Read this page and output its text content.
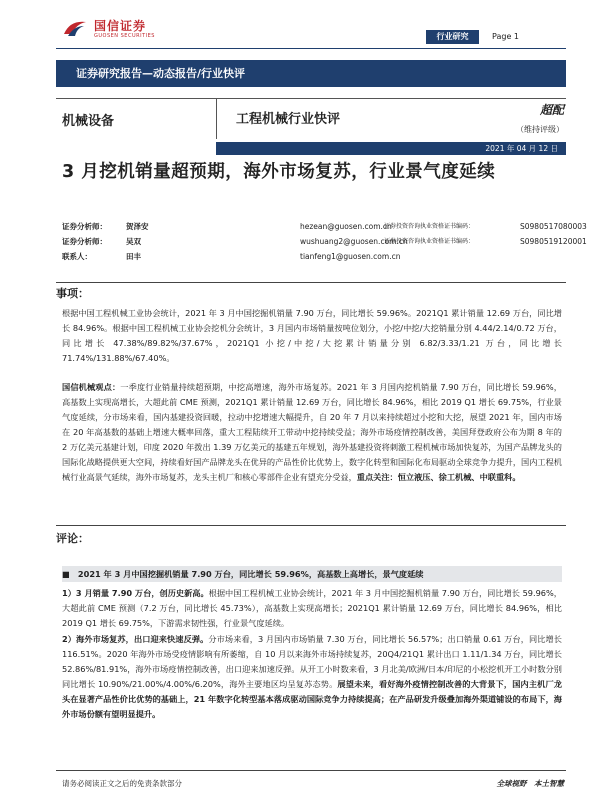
国信证券
GUOSEN SECURITIES	行业研究	Page 1
证券研究报告—动态报告/行业快评
机械设备	工程机械行业快评
超配
（维持评级）
2021 年 04 月 12 日
3 月挖机销量超预期，海外市场复苏，行业景气度延续
证券分析师：	贺泽安	hezean@guosen.com.cn
证券投资咨询执业资格证书编码：	S0980517080003
证券分析师：	吴双	wushuang2@guosen.com.cn
证券投资咨询执业资格证书编码：	S0980519120001
联系人：	田丰	tianfeng1@guosen.com.cn
事项：
根据中国工程机械工业协会统计，2021 年 3 月中国挖掘机销量 7.90 万台，同比增长 59.96%。2021Q1 累计销量 12.69 万台，同比增长 84.96%。根据中国工程机械工业协会挖机分会统计，3 月国内市场销量按吨位划分，小挖/中挖/大挖销量分别 4.44/2.14/0.72 万台，同比增长 47.38%/89.82%/37.67%，2021Q1 小挖/中挖/大挖累计销量分别 6.82/3.33/1.21 万台，同比增长 71.74%/131.88%/67.40%。
国信机械观点：一季度行业销量持续超预期，中挖高增速，海外市场复苏。2021 年 3 月国内挖机销量 7.90 万台，同比增长 59.96%，高基数上实现高增长，大超此前 CME 预测，2021Q1 累计销量 12.69 万台，同比增长 84.96%，相比 2019 Q1 增长 69.75%，行业景气度延续，分市场来看，国内基建投资回暖，拉动中挖增速大幅提升，自 20 年 7 月以来持续超过小挖和大挖，展望 2021 年，国内市场在 20 年高基数的基础上增速大概率回落，重大工程陆续开工带动中挖持续受益；海外市场疫情控制改善，美国拜登政府公布为期 8 年的 2 万亿美元基建计划，印度 2020 年拨出 1.39 万亿美元的基建五年规划，海外基建投资将刺激工程机械市场加快复苏，为国产品牌龙头的国际化战略提供更大空间，持续看好国产品牌龙头在优异的产品性价比优势上，数字化转型和国际化布局驱动全球竞争力提升，国内工程机械行业高景气延续，海外市场复苏，龙头主机厂和核心零部件企业有望充分受益，重点关注：恒立液压、徐工机械、中联重科。
评论：
■　2021 年 3 月中国挖掘机销量 7.90 万台，同比增长 59.96%，高基数上高增长，景气度延续
1）3 月销量 7.90 万台，创历史新高。根据中国工程机械工业协会统计，2021 年 3 月中国挖掘机销量 7.90 万台，同比增长 59.96%，大超此前 CME 预测（7.2 万台，同比增长 45.73%），高基数上实现高增长；2021Q1 累计销量 12.69 万台，同比增长 84.96%，相比 2019 Q1 增长 69.75%，下游需求韧性强，行业景气度延续。
2）海外市场复苏，出口迎来快速反弹。分市场来看，3 月国内市场销量 7.30 万台，同比增长 56.57%；出口销量 0.61 万台，同比增长 116.51%。2020 年海外市场受疫情影响有所萎缩，自 10 月以来海外市场持续复苏，20Q4/21Q1 累计出口 1.11/1.34 万台，同比增长 52.86%/81.91%，海外市场疫情控制改善，出口迎来加速反弹。从开工小时数来看，3 月北美/欧洲/日本/印尼的小松挖机开工小时数分别同比增长 10.90%/21.00%/4.00%/6.20%，海外主要地区均呈复苏态势。展望未来，看好海外疫情控制改善的大背景下，国内主机厂龙头在显著产品性价比优势的基础上，21 年数字化转型基本落成驱动国际竞争力持续提高；在产品研发升级叠加海外渠道铺设的布局下，海外市场份额有望明显提升。
请务必阅读正文之后的免责条款部分	全球视野　本土智慧
